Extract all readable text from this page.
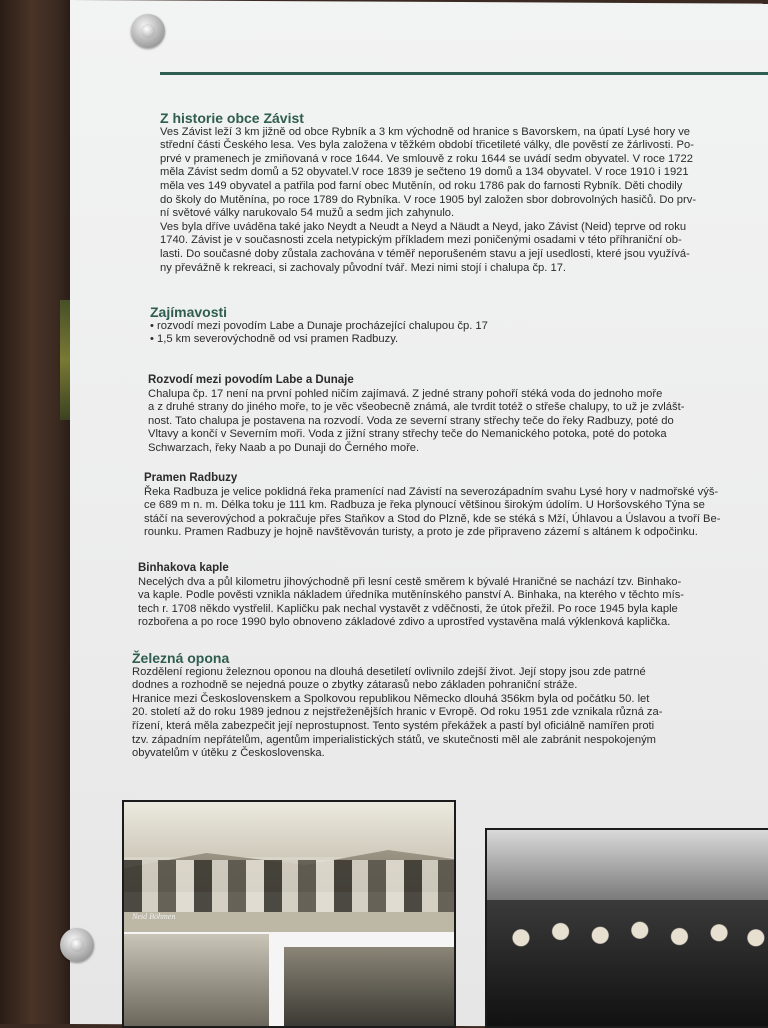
Z historie obce Závist

Ves Závist leží 3 km jižně od obce Rybník a 3 km východně od hranice s Bavorskem, na úpatí Lysé hory ve

střední části Českého lesa. Ves byla založena v těžkém období třicetileté války, dle pověstí ze žárlivosti. Po-

prvé v pramenech je zmiňovaná v roce 1644. Ve smlouvě z roku 1644 se uvádí sedm obyvatel. V roce 1722

měla Závist sedm domů a 52 obyvatel.V roce 1839 je sečteno 19 domů a 134 obyvatel. V roce 1910 i 1921

měla ves 149 obyvatel a patřila pod farní obec Mutěnín, od roku 1786 pak do farnosti Rybník. Děti chodily

do školy do Mutěnína, po roce 1789 do Rybníka. V roce 1905 byl založen sbor dobrovolných hasičů. Do prv-

ní světové války narukovalo 54 mužů a sedm jich zahynulo.

Ves byla dříve uváděna také jako Neydt a Neudt a Neyd a Näudt a Neyd, jako Závist (Neid) teprve od roku

1740. Závist je v současnosti zcela netypickým příkladem mezi poničenými osadami v této příhraniční ob-

lasti. Do současné doby zůstala zachována v téměř neporušeném stavu a její usedlosti, které jsou využívá-

ny převážně k rekreaci, si zachovaly původní tvář. Mezi nimi stojí i chalupa čp. 17.

Zajímavosti

• rozvodí mezi povodím Labe a Dunaje procházející chalupou čp. 17

• 1,5 km severovýchodně od vsi pramen Radbuzy.

Rozvodí mezi povodím Labe a Dunaje

Chalupa čp. 17 není na první pohled ničím zajímavá. Z jedné strany pohoří stéká voda do jednoho moře

a z druhé strany do jiného moře, to je věc všeobecně známá, ale tvrdit totéž o střeše chalupy, to už je zvlášt-

nost. Tato chalupa je postavena na rozvodí. Voda ze severní strany střechy teče do řeky Radbuzy, poté do

Vltavy a končí v Severním moři. Voda z jižní strany střechy teče do Nemanického potoka, poté do potoka

Schwarzach, řeky Naab a po Dunaji do Černého moře.

Pramen Radbuzy

Řeka Radbuza je velice poklidná řeka pramenící nad Závistí na severozápadním svahu Lysé hory v nadmořské výš-

ce 689 m n. m. Délka toku je 111 km. Radbuza je řeka plynoucí většinou širokým údolím. U Horšovského Týna se

stáčí na severovýchod a pokračuje přes Staňkov a Stod do Plzně, kde se stéká s Mží, Úhlavou a Úslavou a tvoří Be-

rounku. Pramen Radbuzy je hojně navštěvován turisty, a proto je zde připraveno zázemí s altánem k odpočinku.

Binhakova kaple

Necelých dva a půl kilometru jihovýchodně při lesní cestě směrem k bývalé Hraničné se nachází tzv. Binhako-

va kaple. Podle pověsti vznikla nákladem úředníka mutěnínského panství A. Binhaka, na kterého v těchto mís-

tech r. 1708 někdo vystřelil. Kapličku pak nechal vystavět z vděčnosti, že útok přežil. Po roce 1945 byla kaple

rozbořena a po roce 1990 bylo obnoveno základové zdivo a uprostřed vystavěna malá výklenková kaplička.

Železná opona

Rozdělení regionu železnou oponou na dlouhá desetiletí ovlivnilo zdejší život. Její stopy jsou zde patrné

dodnes a rozhodně se nejedná pouze o zbytky zátarasů nebo základen pohraniční stráže.

Hranice mezi Československem a Spolkovou republikou Německo dlouhá 356km byla od počátku 50. let

20. století až do roku 1989 jednou z nejstřeženějších hranic v Evropě. Od roku 1951 zde vznikala různá za-

řízení, která měla zabezpečit její neprostupnost. Tento systém překážek a pastí byl oficiálně namířen proti

tzv. západním nepřátelům, agentům imperialistických států, ve skutečnosti měl ale zabránit nespokojeným

obyvatelům v útěku z Československa.

Neid Böhmen
